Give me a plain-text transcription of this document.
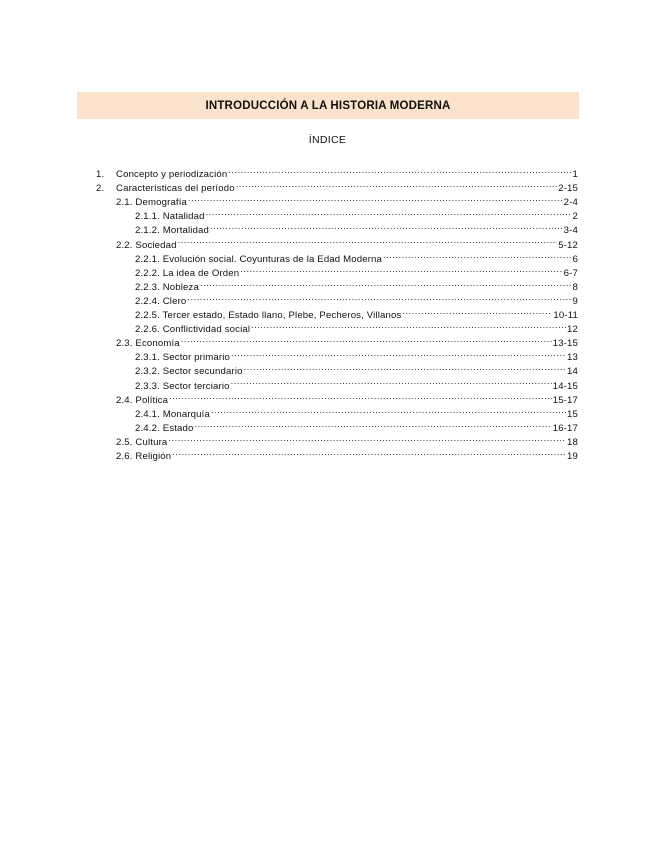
INTRODUCCIÓN A LA HISTORIA MODERNA
ÍNDICE
1.	Concepto y periodización .....	1
2.	Características del período .....	2-15
2.1. Demografía .....	2-4
2.1.1. Natalidad .....	2
2.1.2. Mortalidad .....	3-4
2.2. Sociedad .....	5-12
2.2.1. Evolución social. Coyunturas de la Edad Moderna .....	6
2.2.2. La idea de Orden .....	6-7
2.2.3. Nobleza .....	8
2.2.4. Clero .....	9
2.2.5. Tercer estado, Estado llano, Plebe, Pecheros, Villanos .....	10-11
2.2.6. Conflictividad social .....	12
2.3. Economía .....	13-15
2.3.1. Sector primario .....	13
2.3.2. Sector secundario .....	14
2.3.3. Sector terciario .....	14-15
2.4. Política .....	15-17
2.4.1. Monarquía .....	15
2.4.2. Estado .....	16-17
2.5. Cultura .....	18
2.6. Religión .....	19
